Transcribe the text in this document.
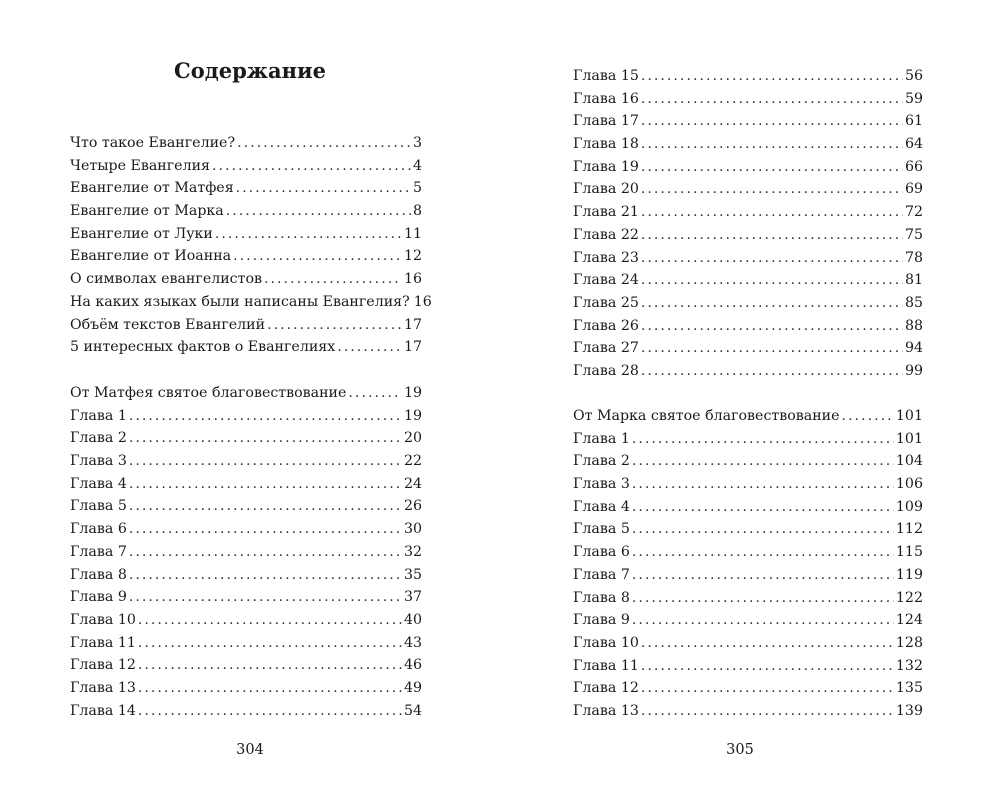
Содержание
Что такое Евангелие? .....	3
Четыре Евангелия .....	4
Евангелие от Матфея .....	5
Евангелие от Марка .....	8
Евангелие от Луки .....	11
Евангелие от Иоанна .....	12
О символах евангелистов .....	16
На каких языках были написаны Евангелия? 16
Объём текстов Евангелий .....	17
5 интересных фактов о Евангелиях .....	17
От Матфея святое благовествование .....	19
Глава 1 .....	19
Глава 2 .....	20
Глава 3 .....	22
Глава 4 .....	24
Глава 5 .....	26
Глава 6 .....	30
Глава 7 .....	32
Глава 8 .....	35
Глава 9 .....	37
Глава 10 .....	40
Глава 11 .....	43
Глава 12 .....	46
Глава 13 .....	49
Глава 14 .....	54
304
Глава 15 .....	56
Глава 16 .....	59
Глава 17 .....	61
Глава 18 .....	64
Глава 19 .....	66
Глава 20 .....	69
Глава 21 .....	72
Глава 22 .....	75
Глава 23 .....	78
Глава 24 .....	81
Глава 25 .....	85
Глава 26 .....	88
Глава 27 .....	94
Глава 28 .....	99
От Марка святое благовествование .....	101
Глава 1 .....	101
Глава 2 .....	104
Глава 3 .....	106
Глава 4 .....	109
Глава 5 .....	112
Глава 6 .....	115
Глава 7 .....	119
Глава 8 .....	122
Глава 9 .....	124
Глава 10 .....	128
Глава 11 .....	132
Глава 12 .....	135
Глава 13 .....	139
305
